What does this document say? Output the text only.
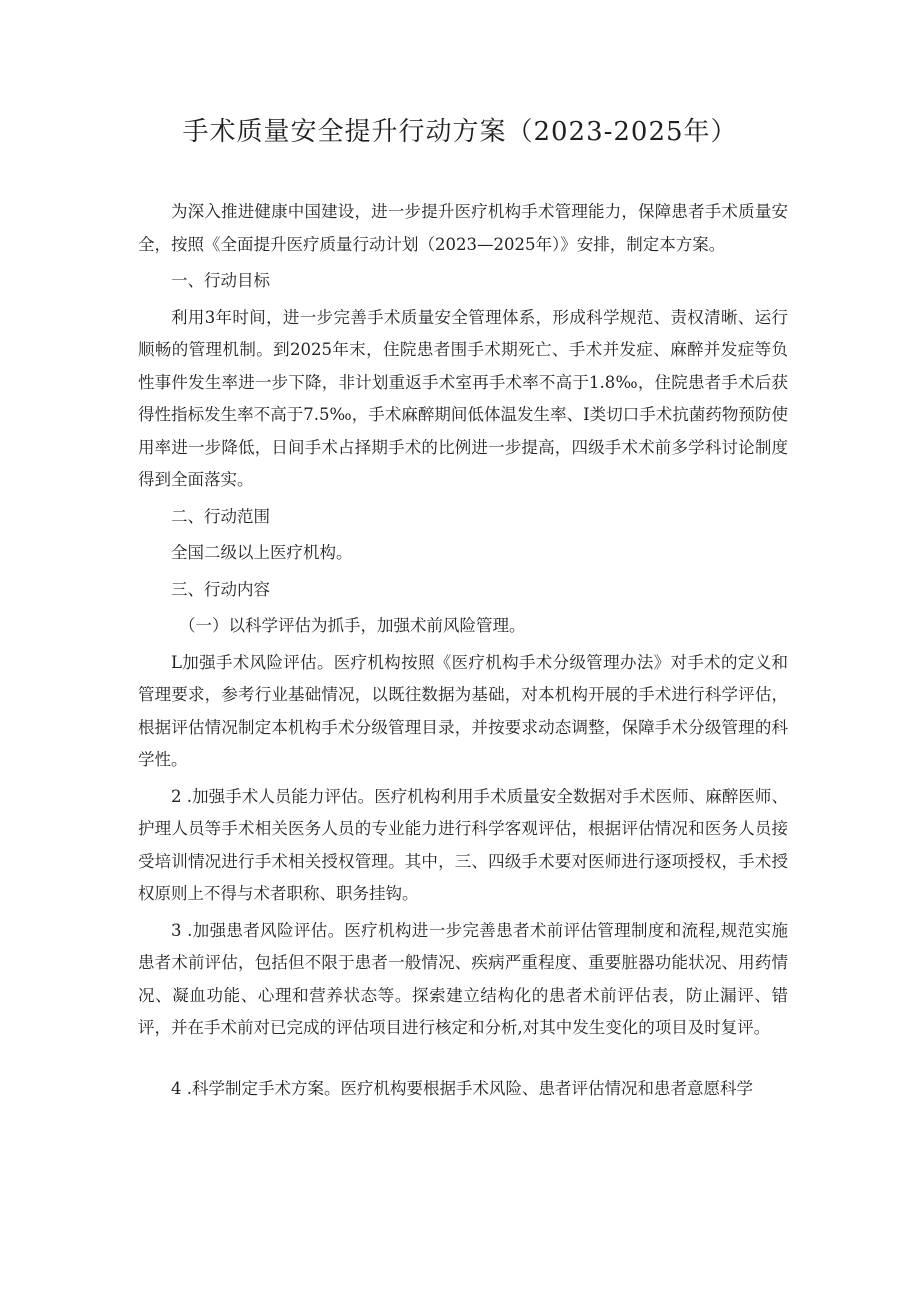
手术质量安全提升行动方案（2023-2025年）

为深入推进健康中国建设，进一步提升医疗机构手术管理能力，保障患者手术质量安全，按照《全面提升医疗质量行动计划（2023—2025年）》安排，制定本方案。

一、行动目标

利用3年时间，进一步完善手术质量安全管理体系，形成科学规范、责权清晰、运行顺畅的管理机制。到2025年末，住院患者围手术期死亡、手术并发症、麻醉并发症等负性事件发生率进一步下降，非计划重返手术室再手术率不高于1.8‰，住院患者手术后获得性指标发生率不高于7.5‰，手术麻醉期间低体温发生率、Ⅰ类切口手术抗菌药物预防使用率进一步降低，日间手术占择期手术的比例进一步提高，四级手术术前多学科讨论制度得到全面落实。

二、行动范围

全国二级以上医疗机构。

三、行动内容

（一）以科学评估为抓手，加强术前风险管理。

L加强手术风险评估。医疗机构按照《医疗机构手术分级管理办法》对手术的定义和管理要求，参考行业基础情况，以既往数据为基础，对本机构开展的手术进行科学评估，根据评估情况制定本机构手术分级管理目录，并按要求动态调整，保障手术分级管理的科学性。

2 .加强手术人员能力评估。医疗机构利用手术质量安全数据对手术医师、麻醉医师、护理人员等手术相关医务人员的专业能力进行科学客观评估，根据评估情况和医务人员接受培训情况进行手术相关授权管理。其中，三、四级手术要对医师进行逐项授权，手术授权原则上不得与术者职称、职务挂钩。

3 .加强患者风险评估。医疗机构进一步完善患者术前评估管理制度和流程,规范实施患者术前评估，包括但不限于患者一般情况、疾病严重程度、重要脏器功能状况、用药情况、凝血功能、心理和营养状态等。探索建立结构化的患者术前评估表，防止漏评、错评，并在手术前对已完成的评估项目进行核定和分析,对其中发生变化的项目及时复评。

4 .科学制定手术方案。医疗机构要根据手术风险、患者评估情况和患者意愿科学
